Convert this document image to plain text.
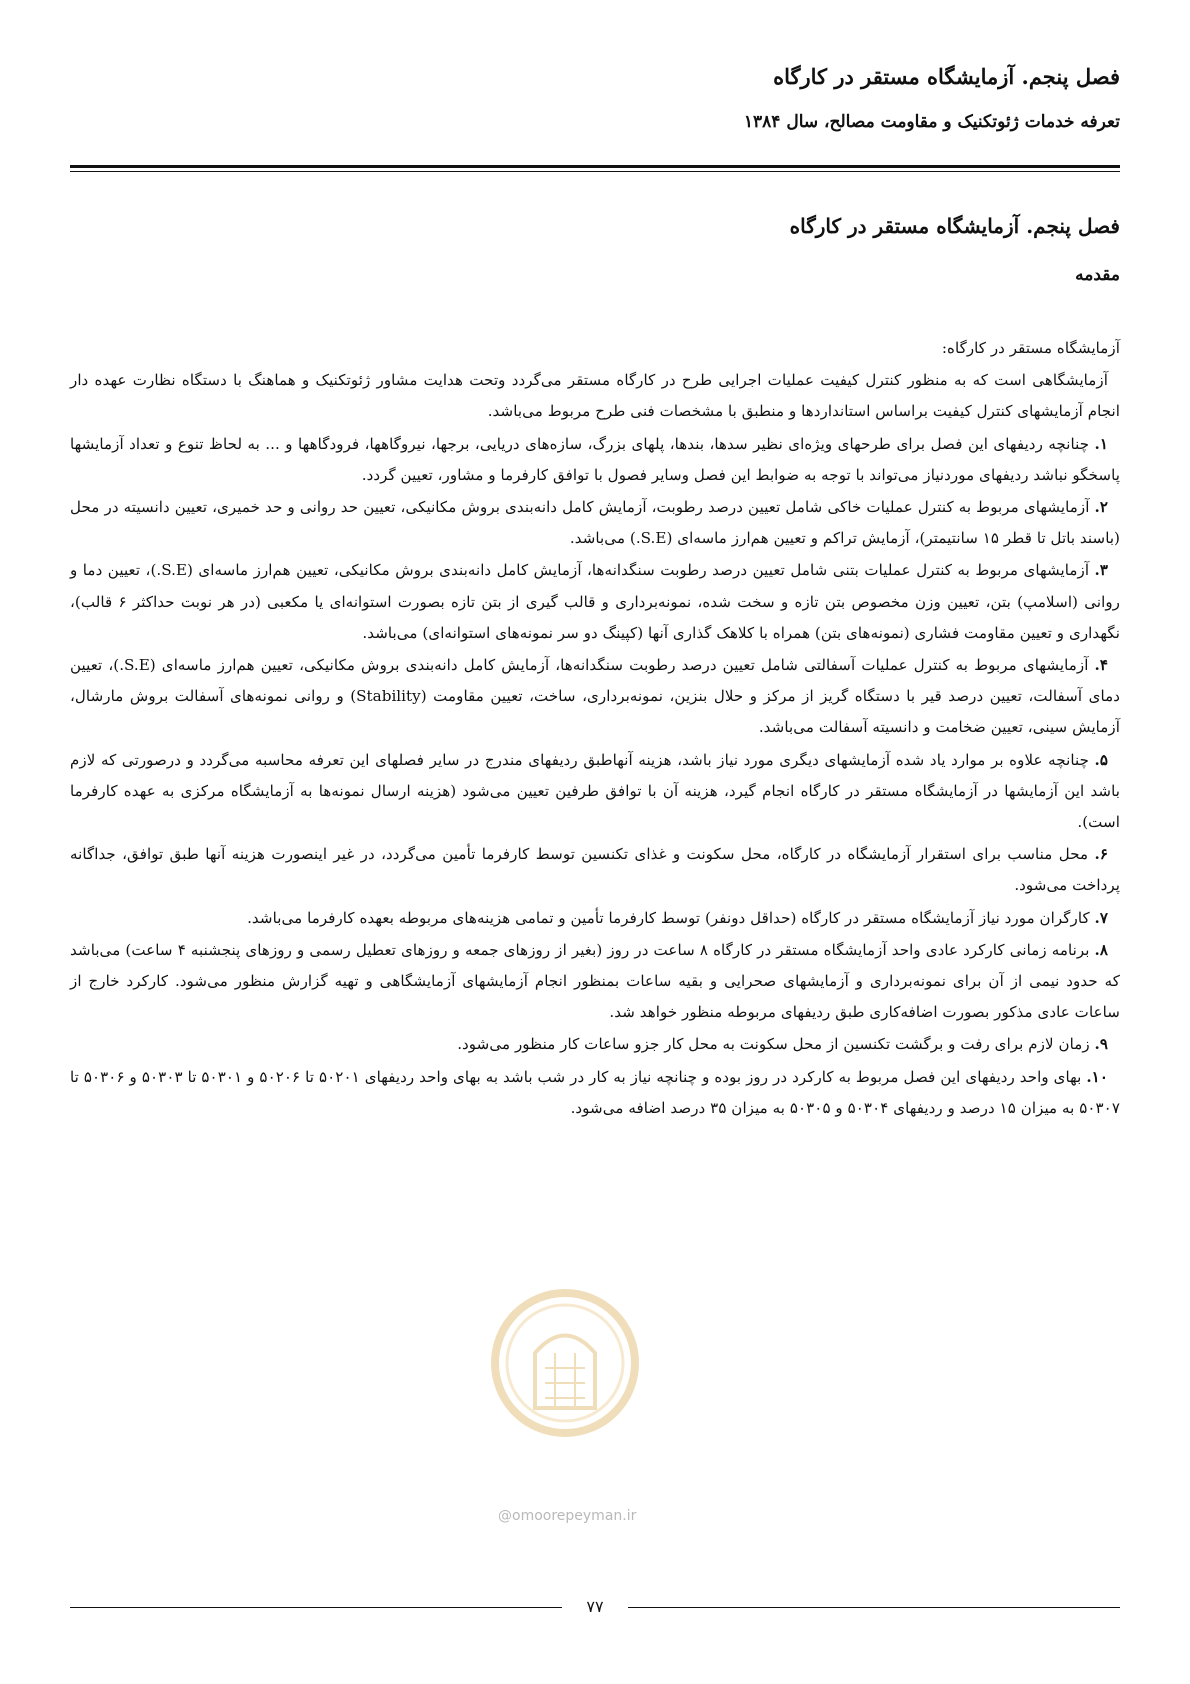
فصل پنجم. آزمایشگاه مستقر در کارگاه
تعرفه خدمات ژئوتکنیک و مقاومت مصالح، سال ۱۳۸۴
فصل پنجم. آزمایشگاه مستقر در کارگاه
مقدمه

آزمایشگاه مستقر در کارگاه:

آزمایشگاهی است که به منظور کنترل کیفیت عملیات اجرایی طرح در کارگاه مستقر می‌گردد وتحت هدایت مشاور ژئوتکنیک و هماهنگ با دستگاه نظارت عهده دار انجام آزمایشهای کنترل کیفیت براساس استانداردها و منطبق با مشخصات فنی طرح مربوط می‌باشد.

۱. چنانچه ردیفهای این فصل برای طرحهای ویژه‌ای نظیر سدها، بندها، پلهای بزرگ، سازه‌های دریایی، برجها، نیروگاهها، فرودگاهها و ... به لحاظ تنوع و تعداد آزمایشها پاسخگو نباشد ردیفهای موردنیاز می‌تواند با توجه به ضوابط این فصل وسایر فصول با توافق کارفرما و مشاور، تعیین گردد.

۲. آزمایشهای مربوط به کنترل عملیات خاکی شامل تعیین درصد رطوبت، آزمایش کامل دانه‌بندی بروش مکانیکی، تعیین حد روانی و حد خمیری، تعیین دانسیته در محل (باسند باتل تا قطر ۱۵ سانتیمتر)، آزمایش تراکم و تعیین هم‌ارز ماسه‌ای (S.E.) می‌باشد.

۳. آزمایشهای مربوط به کنترل عملیات بتنی شامل تعیین درصد رطوبت سنگدانه‌ها، آزمایش کامل دانه‌بندی بروش مکانیکی، تعیین هم‌ارز ماسه‌ای (S.E.)، تعیین دما و روانی (اسلامپ) بتن، تعیین وزن مخصوص بتن تازه و سخت شده، نمونه‌برداری و قالب گیری از بتن تازه بصورت استوانه‌ای یا مکعبی (در هر نوبت حداکثر ۶ قالب)، نگهداری و تعیین مقاومت فشاری (نمونه‌های بتن) همراه با کلاهک گذاری آنها (کپینگ دو سر نمونه‌های استوانه‌ای) می‌باشد.

۴. آزمایشهای مربوط به کنترل عملیات آسفالتی شامل تعیین درصد رطوبت سنگدانه‌ها، آزمایش کامل دانه‌بندی بروش مکانیکی، تعیین هم‌ارز ماسه‌ای (S.E.)، تعیین دمای آسفالت، تعیین درصد قیر با دستگاه گریز از مرکز و حلال بنزین، نمونه‌برداری، ساخت، تعیین مقاومت (Stability) و روانی نمونه‌های آسفالت بروش مارشال، آزمایش سینی، تعیین ضخامت و دانسیته آسفالت می‌باشد.

۵. چنانچه علاوه بر موارد یاد شده آزمایشهای دیگری مورد نیاز باشد، هزینه آنهاطبق ردیفهای مندرج در سایر فصلهای این تعرفه محاسبه می‌گردد و درصورتی که لازم باشد این آزمایشها در آزمایشگاه مستقر در کارگاه انجام گیرد، هزینه آن با توافق طرفین تعیین می‌شود (هزینه ارسال نمونه‌ها به آزمایشگاه مرکزی به عهده کارفرما است).

۶. محل مناسب برای استقرار آزمایشگاه در کارگاه، محل سکونت و غذای تکنسین توسط کارفرما تأمین می‌گردد، در غیر اینصورت هزینه آنها طبق توافق، جداگانه پرداخت می‌شود.

۷. کارگران مورد نیاز آزمایشگاه مستقر در کارگاه (حداقل دونفر) توسط کارفرما تأمین و تمامی هزینه‌های مربوطه بعهده کارفرما می‌باشد.

۸. برنامه زمانی کارکرد عادی واحد آزمایشگاه مستقر در کارگاه ۸ ساعت در روز (بغیر از روزهای جمعه و روزهای تعطیل رسمی و روزهای پنجشنبه ۴ ساعت) می‌باشد که حدود نیمی از آن برای نمونه‌برداری و آزمایشهای صحرایی و بقیه ساعات بمنظور انجام آزمایشهای آزمایشگاهی و تهیه گزارش منظور می‌شود. کارکرد خارج از ساعات عادی مذکور بصورت اضافه‌کاری طبق ردیفهای مربوطه منظور خواهد شد.

۹. زمان لازم برای رفت و برگشت تکنسین از محل سکونت به محل کار جزو ساعات کار منظور می‌شود.

۱۰. بهای واحد ردیفهای این فصل مربوط به کارکرد در روز بوده و چنانچه نیاز به کار در شب باشد به بهای واحد ردیفهای ۵۰۲۰۱ تا ۵۰۲۰۶ و ۵۰۳۰۱ تا ۵۰۳۰۳ و ۵۰۳۰۶ تا ۵۰۳۰۷ به میزان ۱۵ درصد و ردیفهای ۵۰۳۰۴ و ۵۰۳۰۵ به میزان ۳۵ درصد اضافه می‌شود.

@omoorepeyman.ir
۷۷
